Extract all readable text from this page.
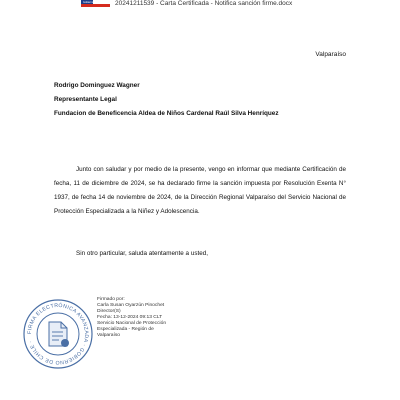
Gobierno de Chile 20241211539 - Carta Certificada - Notifica sanción firme.docx
Valparaíso
Rodrigo Dominguez Wagner
Representante Legal
Fundacion de Beneficencia Aldea de Niños Cardenal Raúl Silva Henríquez
Junto con saludar y por medio de la presente, vengo en informar que mediante Certificación de fecha, 11 de diciembre de 2024, se ha declarado firme la sanción impuesta por Resolución Exenta N° 1937, de fecha 14 de noviembre de 2024, de la Dirección Regional Valparaíso del Servicio Nacional de Protección Especializada a la Niñez y Adolescencia.
Sin otro particular, saluda atentamente a usted,
FIRMA ELECTRÓNICA AVANZADA · GOBIERNO DE CHILE ·
Firmado por:
Carla Susan Oyarzún Pinochet
Director(S)
Fecha: 13-12-2024 09:13 CLT
Servicio Nacional de Protección
Especializada - Región de
Valparaíso
